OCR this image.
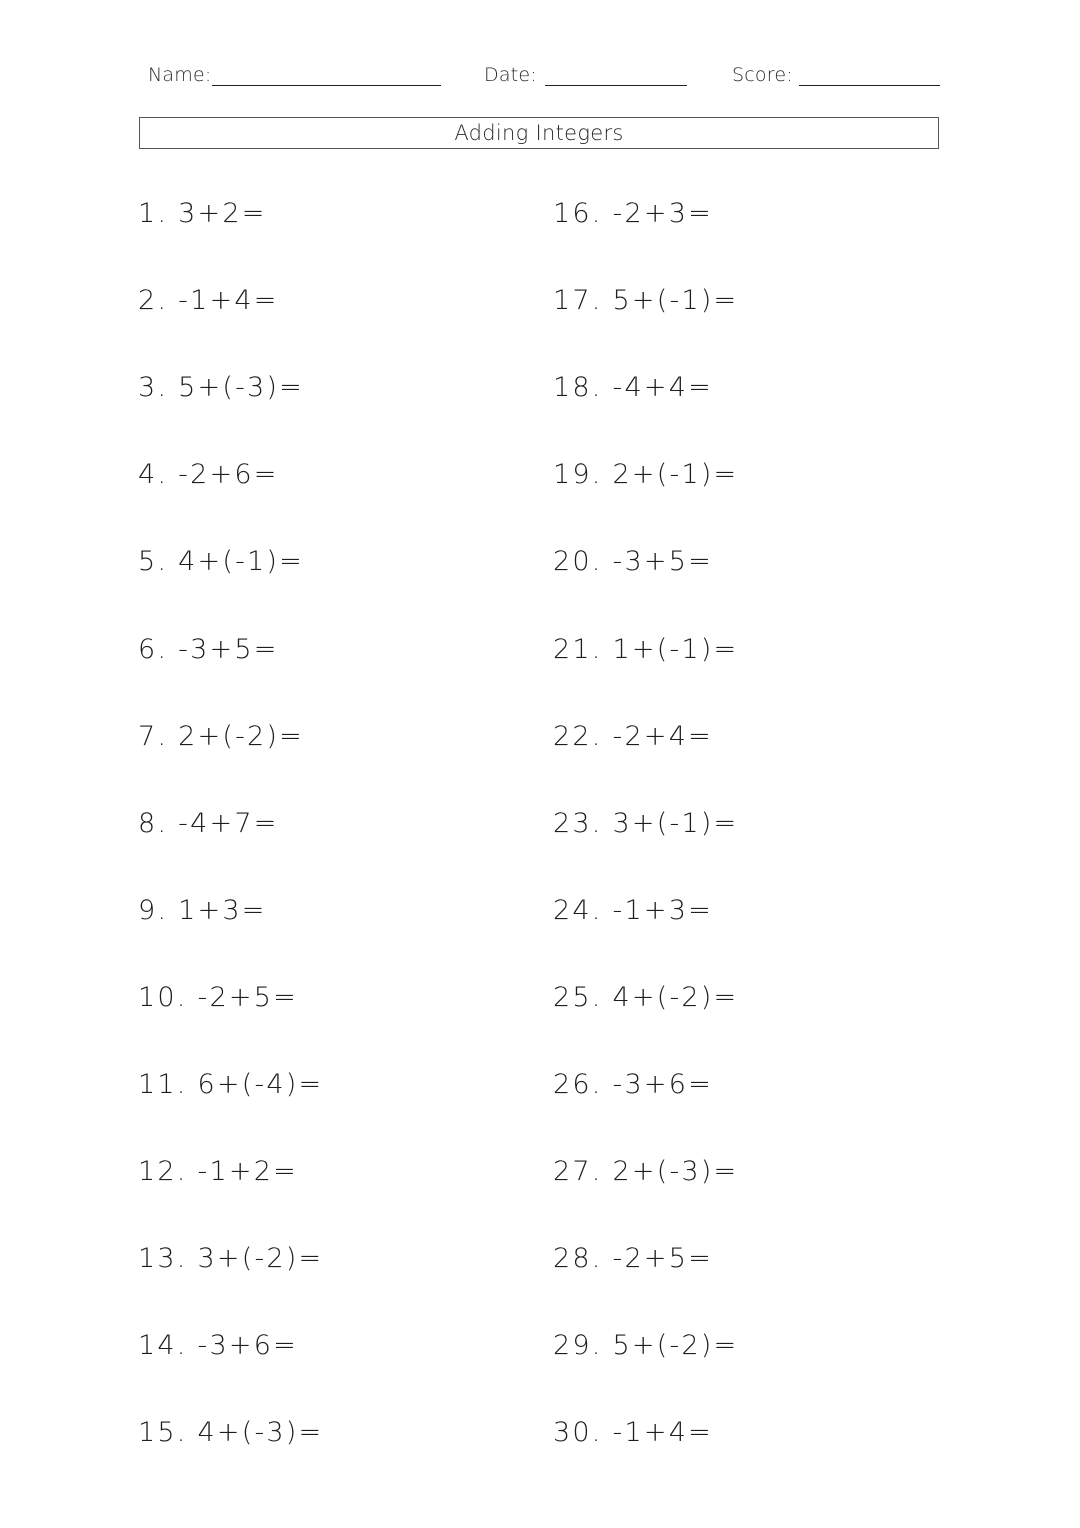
Name:	Date:	Score:
Adding Integers
1. 3+2=
2. -1+4=
3. 5+(-3)=
4. -2+6=
5. 4+(-1)=
6. -3+5=
7. 2+(-2)=
8. -4+7=
9. 1+3=
10. -2+5=
11. 6+(-4)=
12. -1+2=
13. 3+(-2)=
14. -3+6=
15. 4+(-3)=
16. -2+3=
17. 5+(-1)=
18. -4+4=
19. 2+(-1)=
20. -3+5=
21. 1+(-1)=
22. -2+4=
23. 3+(-1)=
24. -1+3=
25. 4+(-2)=
26. -3+6=
27. 2+(-3)=
28. -2+5=
29. 5+(-2)=
30. -1+4=
